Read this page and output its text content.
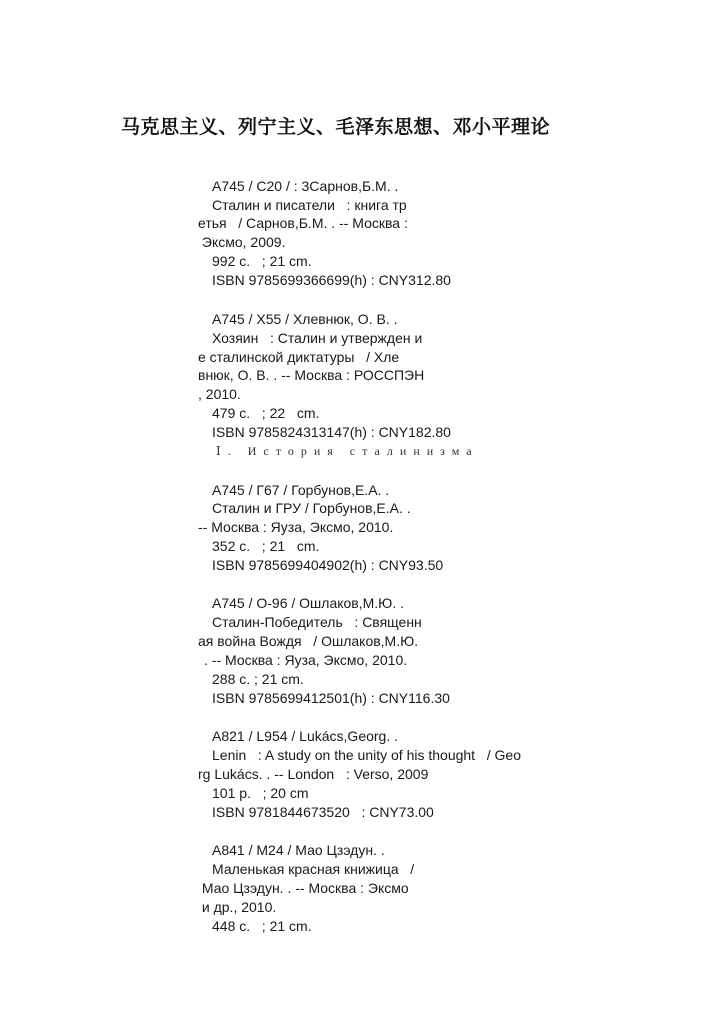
马克思主义、列宁主义、毛泽东思想、邓小平理论
A745 / C20 / : 3Сарнов,Б.М. .
Сталин и писатели   : книга тр
етья   / Сарнов,Б.М. . -- Москва :
Эксмо, 2009.
992 с.   ; 21 cm.
ISBN 9785699366699(h) : CNY312.80
A745 / X55 / Хлевнюк, О. В. .
Хозяин   : Сталин и утвержден и
е сталинской диктатуры   / Хле
внюк, О. В. . -- Москва : РОССПЭН
, 2010.
479 с.   ; 22   cm.
ISBN 9785824313147(h) : CNY182.80
Ⅰ. История сталинизма
A745 / Г67 / Горбунов,Е.А. .
Сталин и ГРУ / Горбунов,Е.А. .
-- Москва : Яуза, Эксмо, 2010.
352 с.   ; 21   cm.
ISBN 9785699404902(h) : CNY93.50
A745 / O-96 / Ошлаков,М.Ю. .
Сталин-Победитель   : Священн
ая война Вождя   / Ошлаков,М.Ю.
. -- Москва : Яуза, Эксмо, 2010.
288 с. ; 21 cm.
ISBN 9785699412501(h) : CNY116.30
A821 / L954 / Lukács,Georg. .
Lenin   : A study on the unity of his thought   / Geo
rg Lukács. . -- London   : Verso, 2009
101 p.   ; 20 cm
ISBN 9781844673520   : CNY73.00
A841 / M24 / Мао Цзэдун. .
Маленькая красная книжица   /
Мао Цзэдун. . -- Москва : Эксмо
и др., 2010.
448 с.   ; 21 cm.
